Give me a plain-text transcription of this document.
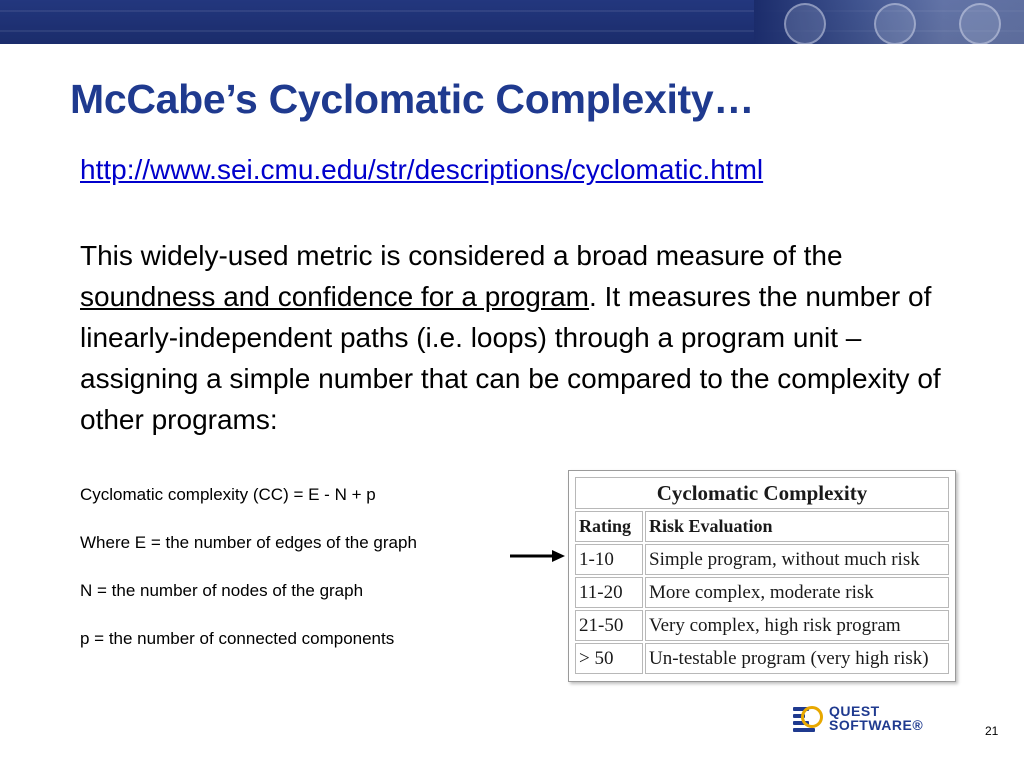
McCabe’s Cyclomatic Complexity…
http://www.sei.cmu.edu/str/descriptions/cyclomatic.html

This widely-used metric is considered a broad measure of the soundness and confidence for a program. It measures the number of linearly-independent paths (i.e. loops) through a program unit – assigning a simple number that can be compared to the complexity of other programs:

Cyclomatic complexity (CC) = E - N + p

Where E = the number of edges of the graph

N = the number of nodes of the graph

p = the number of connected components

Cyclomatic Complexity	
Rating	Risk Evaluation
1-10	Simple program, without much risk
11-20	More complex, moderate risk
21-50	Very complex, high risk program
> 50	Un-testable program (very high risk)
QUEST
SOFTWARE®	21
